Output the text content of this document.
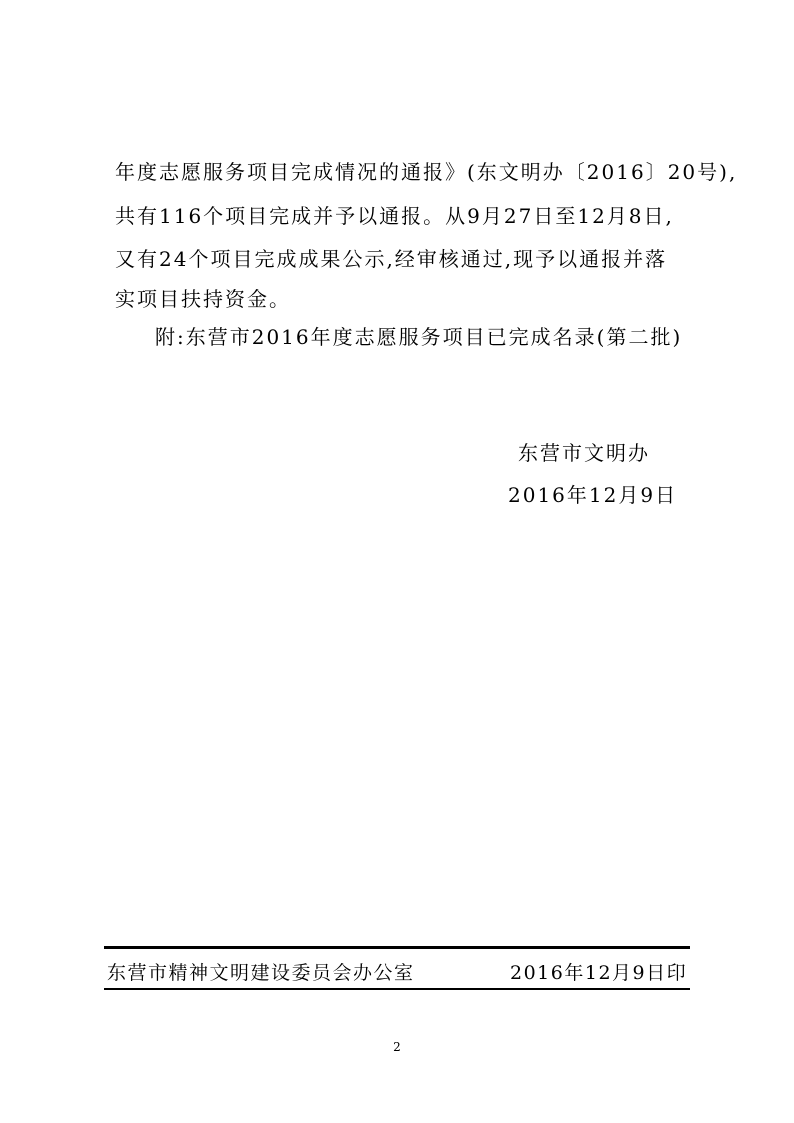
年度志愿服务项目完成情况的通报》(东文明办〔2016〕20号),
共有116个项目完成并予以通报。从9月27日至12月8日,
又有24个项目完成成果公示,经审核通过,现予以通报并落
实项目扶持资金。
附:东营市2016年度志愿服务项目已完成名录(第二批)
东营市文明办
2016年12月9日
东营市精神文明建设委员会办公室	2016年12月9日印
2
